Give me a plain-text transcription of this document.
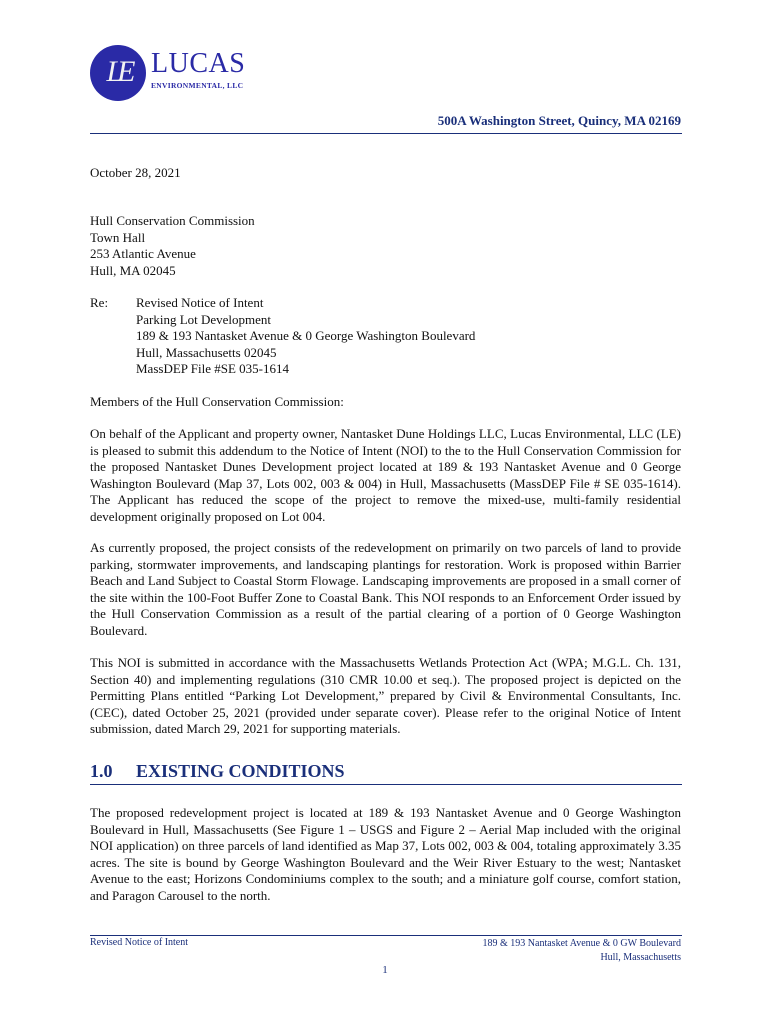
LE LUCAS
ENVIRONMENTAL, LLC
500A Washington Street, Quincy, MA 02169
October 28, 2021
Hull Conservation Commission
Town Hall
253 Atlantic Avenue
Hull, MA 02045
Re: Revised Notice of Intent
Parking Lot Development
189 & 193 Nantasket Avenue & 0 George Washington Boulevard
Hull, Massachusetts 02045
MassDEP File #SE 035-1614
Members of the Hull Conservation Commission:
On behalf of the Applicant and property owner, Nantasket Dune Holdings LLC, Lucas Environmental, LLC (LE) is pleased to submit this addendum to the Notice of Intent (NOI) to the to the Hull Conservation Commission for the proposed Nantasket Dunes Development project located at 189 & 193 Nantasket Avenue and 0 George Washington Boulevard (Map 37, Lots 002, 003 & 004) in Hull, Massachusetts (MassDEP File # SE 035-1614). The Applicant has reduced the scope of the project to remove the mixed-use, multi-family residential development originally proposed on Lot 004.
As currently proposed, the project consists of the redevelopment on primarily on two parcels of land to provide parking, stormwater improvements, and landscaping plantings for restoration. Work is proposed within Barrier Beach and Land Subject to Coastal Storm Flowage. Landscaping improvements are proposed in a small corner of the site within the 100-Foot Buffer Zone to Coastal Bank. This NOI responds to an Enforcement Order issued by the Hull Conservation Commission as a result of the partial clearing of a portion of 0 George Washington Boulevard.
This NOI is submitted in accordance with the Massachusetts Wetlands Protection Act (WPA; M.G.L. Ch. 131, Section 40) and implementing regulations (310 CMR 10.00 et seq.). The proposed project is depicted on the Permitting Plans entitled “Parking Lot Development,” prepared by Civil & Environmental Consultants, Inc. (CEC), dated October 25, 2021 (provided under separate cover). Please refer to the original Notice of Intent submission, dated March 29, 2021 for supporting materials.
1.0 EXISTING CONDITIONS
The proposed redevelopment project is located at 189 & 193 Nantasket Avenue and 0 George Washington Boulevard in Hull, Massachusetts (See Figure 1 – USGS and Figure 2 – Aerial Map included with the original NOI application) on three parcels of land identified as Map 37, Lots 002, 003 & 004, totaling approximately 3.35 acres. The site is bound by George Washington Boulevard and the Weir River Estuary to the west; Nantasket Avenue to the east; Horizons Condominiums complex to the south; and a miniature golf course, comfort station, and Paragon Carousel to the north.
Revised Notice of Intent	189 & 193 Nantasket Avenue & 0 GW Boulevard
Hull, Massachusetts
1
